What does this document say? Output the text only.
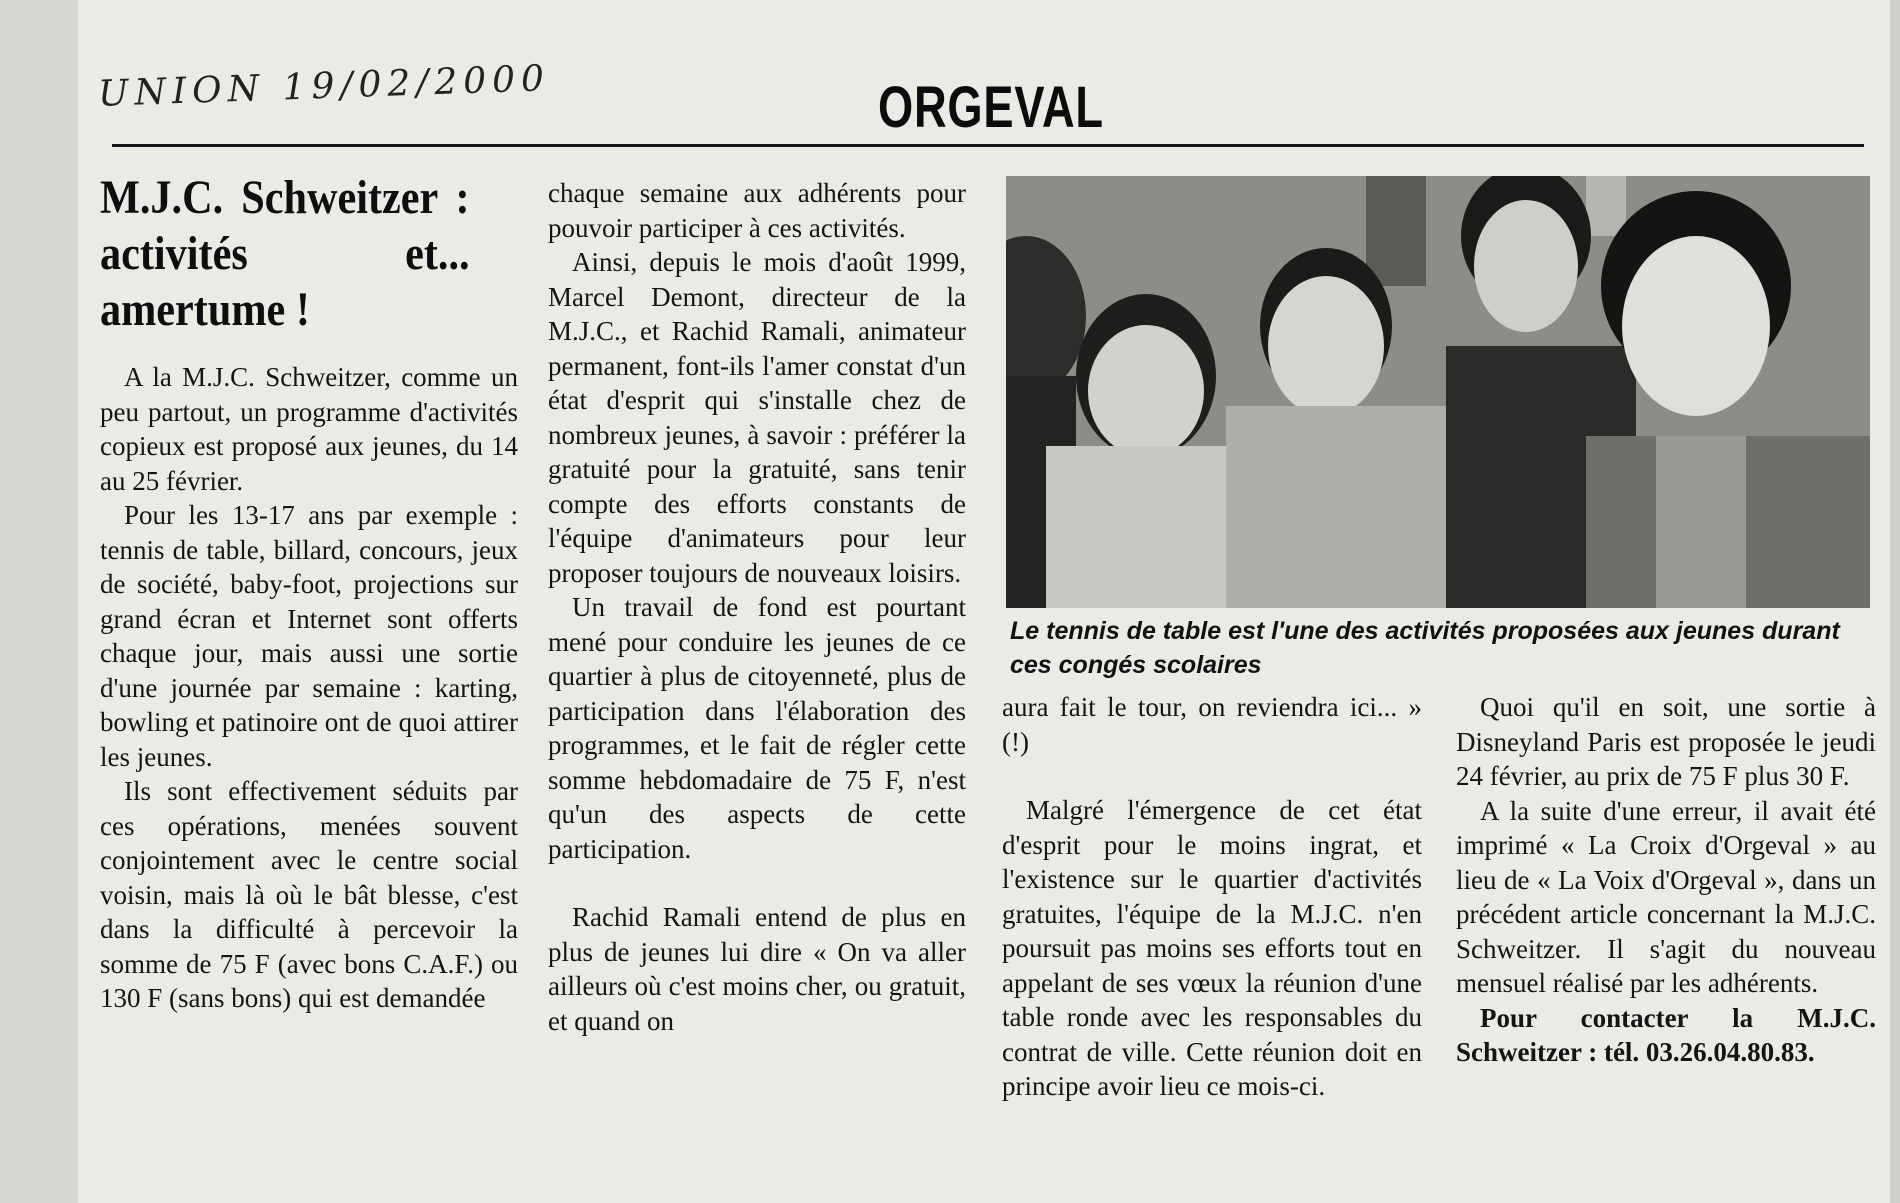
UNION 19/02/2000	ORGEVAL
M.J.C. Schweitzer : activités et... amertume !

A la M.J.C. Schweitzer, comme un peu partout, un programme d'activités copieux est proposé aux jeunes, du 14 au 25 février.

Pour les 13-17 ans par exemple : tennis de table, billard, concours, jeux de société, baby-foot, projections sur grand écran et Internet sont offerts chaque jour, mais aussi une sortie d'une journée par semaine : karting, bowling et patinoire ont de quoi attirer les jeunes.

Ils sont effectivement séduits par ces opérations, menées souvent conjointement avec le centre social voisin, mais là où le bât blesse, c'est dans la difficulté à percevoir la somme de 75 F (avec bons C.A.F.) ou 130 F (sans bons) qui est demandée

chaque semaine aux adhérents pour pouvoir participer à ces activités.

Ainsi, depuis le mois d'août 1999, Marcel Demont, directeur de la M.J.C., et Rachid Ramali, animateur permanent, font-ils l'amer constat d'un état d'esprit qui s'installe chez de nombreux jeunes, à savoir : préférer la gratuité pour la gratuité, sans tenir compte des efforts constants de l'équipe d'animateurs pour leur proposer toujours de nouveaux loisirs.

Un travail de fond est pourtant mené pour conduire les jeunes de ce quartier à plus de citoyenneté, plus de participation dans l'élaboration des programmes, et le fait de régler cette somme hebdomadaire de 75 F, n'est qu'un des aspects de cette participation.

Rachid Ramali entend de plus en plus de jeunes lui dire « On va aller ailleurs où c'est moins cher, ou gratuit, et quand on

Le tennis de table est l'une des activités proposées aux jeunes durant ces congés scolaires

aura fait le tour, on reviendra ici... » (!)

Malgré l'émergence de cet état d'esprit pour le moins ingrat, et l'existence sur le quartier d'activités gratuites, l'équipe de la M.J.C. n'en poursuit pas moins ses efforts tout en appelant de ses vœux la réunion d'une table ronde avec les responsables du contrat de ville. Cette réunion doit en principe avoir lieu ce mois-ci.

Quoi qu'il en soit, une sortie à Disneyland Paris est proposée le jeudi 24 février, au prix de 75 F plus 30 F.

A la suite d'une erreur, il avait été imprimé « La Croix d'Orgeval » au lieu de « La Voix d'Orgeval », dans un précédent article concernant la M.J.C. Schweitzer. Il s'agit du nouveau mensuel réalisé par les adhérents.

Pour contacter la M.J.C. Schweitzer : tél. 03.26.04.80.83.
